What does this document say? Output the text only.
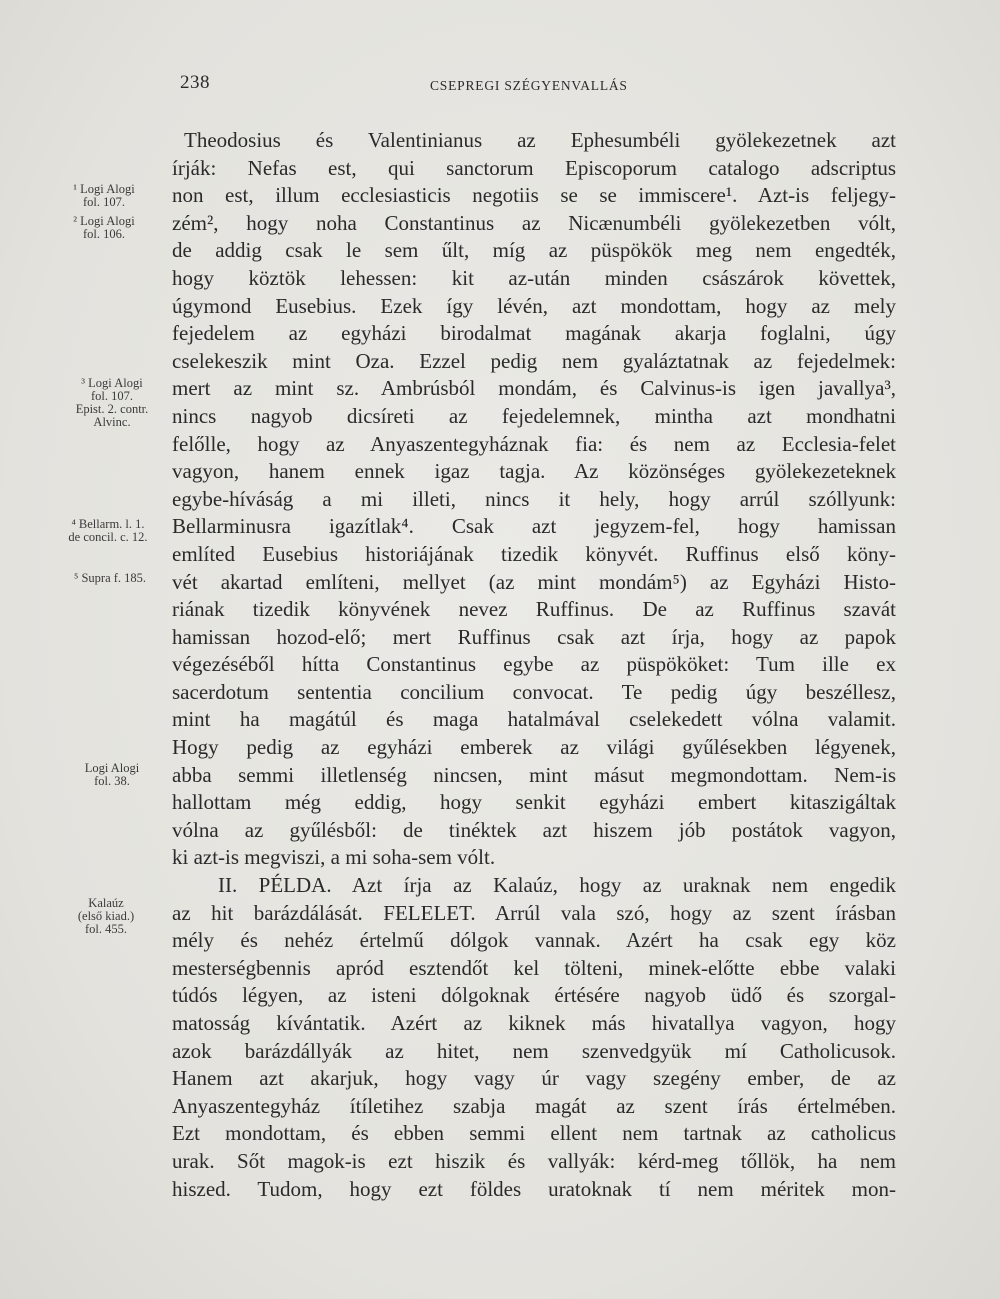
238	CSEPREGI SZÉGYENVALLÁS
¹ Logi Alogi
fol. 107.
² Logi Alogi
fol. 106.
³ Logi Alogi
fol. 107.
Epist. 2. contr.
Alvinc.
⁴ Bellarm. l. 1.
de concil. c. 12.
⁵ Supra f. 185.
Logi Alogi
fol. 38.
Kalaúz
(első kiad.)
fol. 455.
Theodosius és Valentinianus az Ephesumbéli gyölekezetnek azt
írják: Nefas est, qui sanctorum Episcoporum catalogo adscriptus
non est, illum ecclesiasticis negotiis se se immiscere¹. Azt-is feljegy-
zém², hogy noha Constantinus az Nicænumbéli gyölekezetben vólt,
de addig csak le sem űlt, míg az püspökök meg nem engedték,
hogy köztök lehessen: kit az-után minden császárok követtek,
úgymond Eusebius. Ezek így lévén, azt mondottam, hogy az mely
fejedelem az egyházi birodalmat magának akarja foglalni, úgy
cselekeszik mint Oza. Ezzel pedig nem gyaláztatnak az fejedelmek:
mert az mint sz. Ambrúsból mondám, és Calvinus-is igen javallya³,
nincs nagyob dicsíreti az fejedelemnek, mintha azt mondhatni
felőlle, hogy az Anyaszentegyháznak fia: és nem az Ecclesia-felet
vagyon, hanem ennek igaz tagja. Az közönséges gyölekezeteknek
egybe-híváság a mi illeti, nincs it hely, hogy arrúl szóllyunk:
Bellarminusra igazítlak⁴. Csak azt jegyzem-fel, hogy hamissan
említed Eusebius historiájának tizedik könyvét. Ruffinus első köny-
vét akartad említeni, mellyet (az mint mondám⁵) az Egyházi Histo-
riának tizedik könyvének nevez Ruffinus. De az Ruffinus szavát
hamissan hozod-elő; mert Ruffinus csak azt írja, hogy az papok
végezéséből hítta Constantinus egybe az püspököket: Tum ille ex
sacerdotum sententia concilium convocat. Te pedig úgy beszéllesz,
mint ha magátúl és maga hatalmával cselekedett vólna valamit.
Hogy pedig az egyházi emberek az világi gyűlésekben légyenek,
abba semmi illetlenség nincsen, mint másut megmondottam. Nem-is
hallottam még eddig, hogy senkit egyházi embert kitaszigáltak
vólna az gyűlésből: de tinéktek azt hiszem jób postátok vagyon,
ki azt-is megviszi, a mi soha-sem vólt.
II. PÉLDA. Azt írja az Kalaúz, hogy az uraknak nem engedik
az hit barázdálását. FELELET. Arrúl vala szó, hogy az szent írásban
mély és nehéz értelmű dólgok vannak. Azért ha csak egy köz
mesterségbennis apród esztendőt kel tölteni, minek-előtte ebbe valaki
túdós légyen, az isteni dólgoknak értésére nagyob üdő és szorgal-
matosság kívántatik. Azért az kiknek más hivatallya vagyon, hogy
azok barázdállyák az hitet, nem szenvedgyük mí Catholicusok.
Hanem azt akarjuk, hogy vagy úr vagy szegény ember, de az
Anyaszentegyház ítíletihez szabja magát az szent írás értelmében.
Ezt mondottam, és ebben semmi ellent nem tartnak az catholicus
urak. Sőt magok-is ezt hiszik és vallyák: kérd-meg tőllök, ha nem
hiszed. Tudom, hogy ezt földes uratoknak tí nem méritek mon-
